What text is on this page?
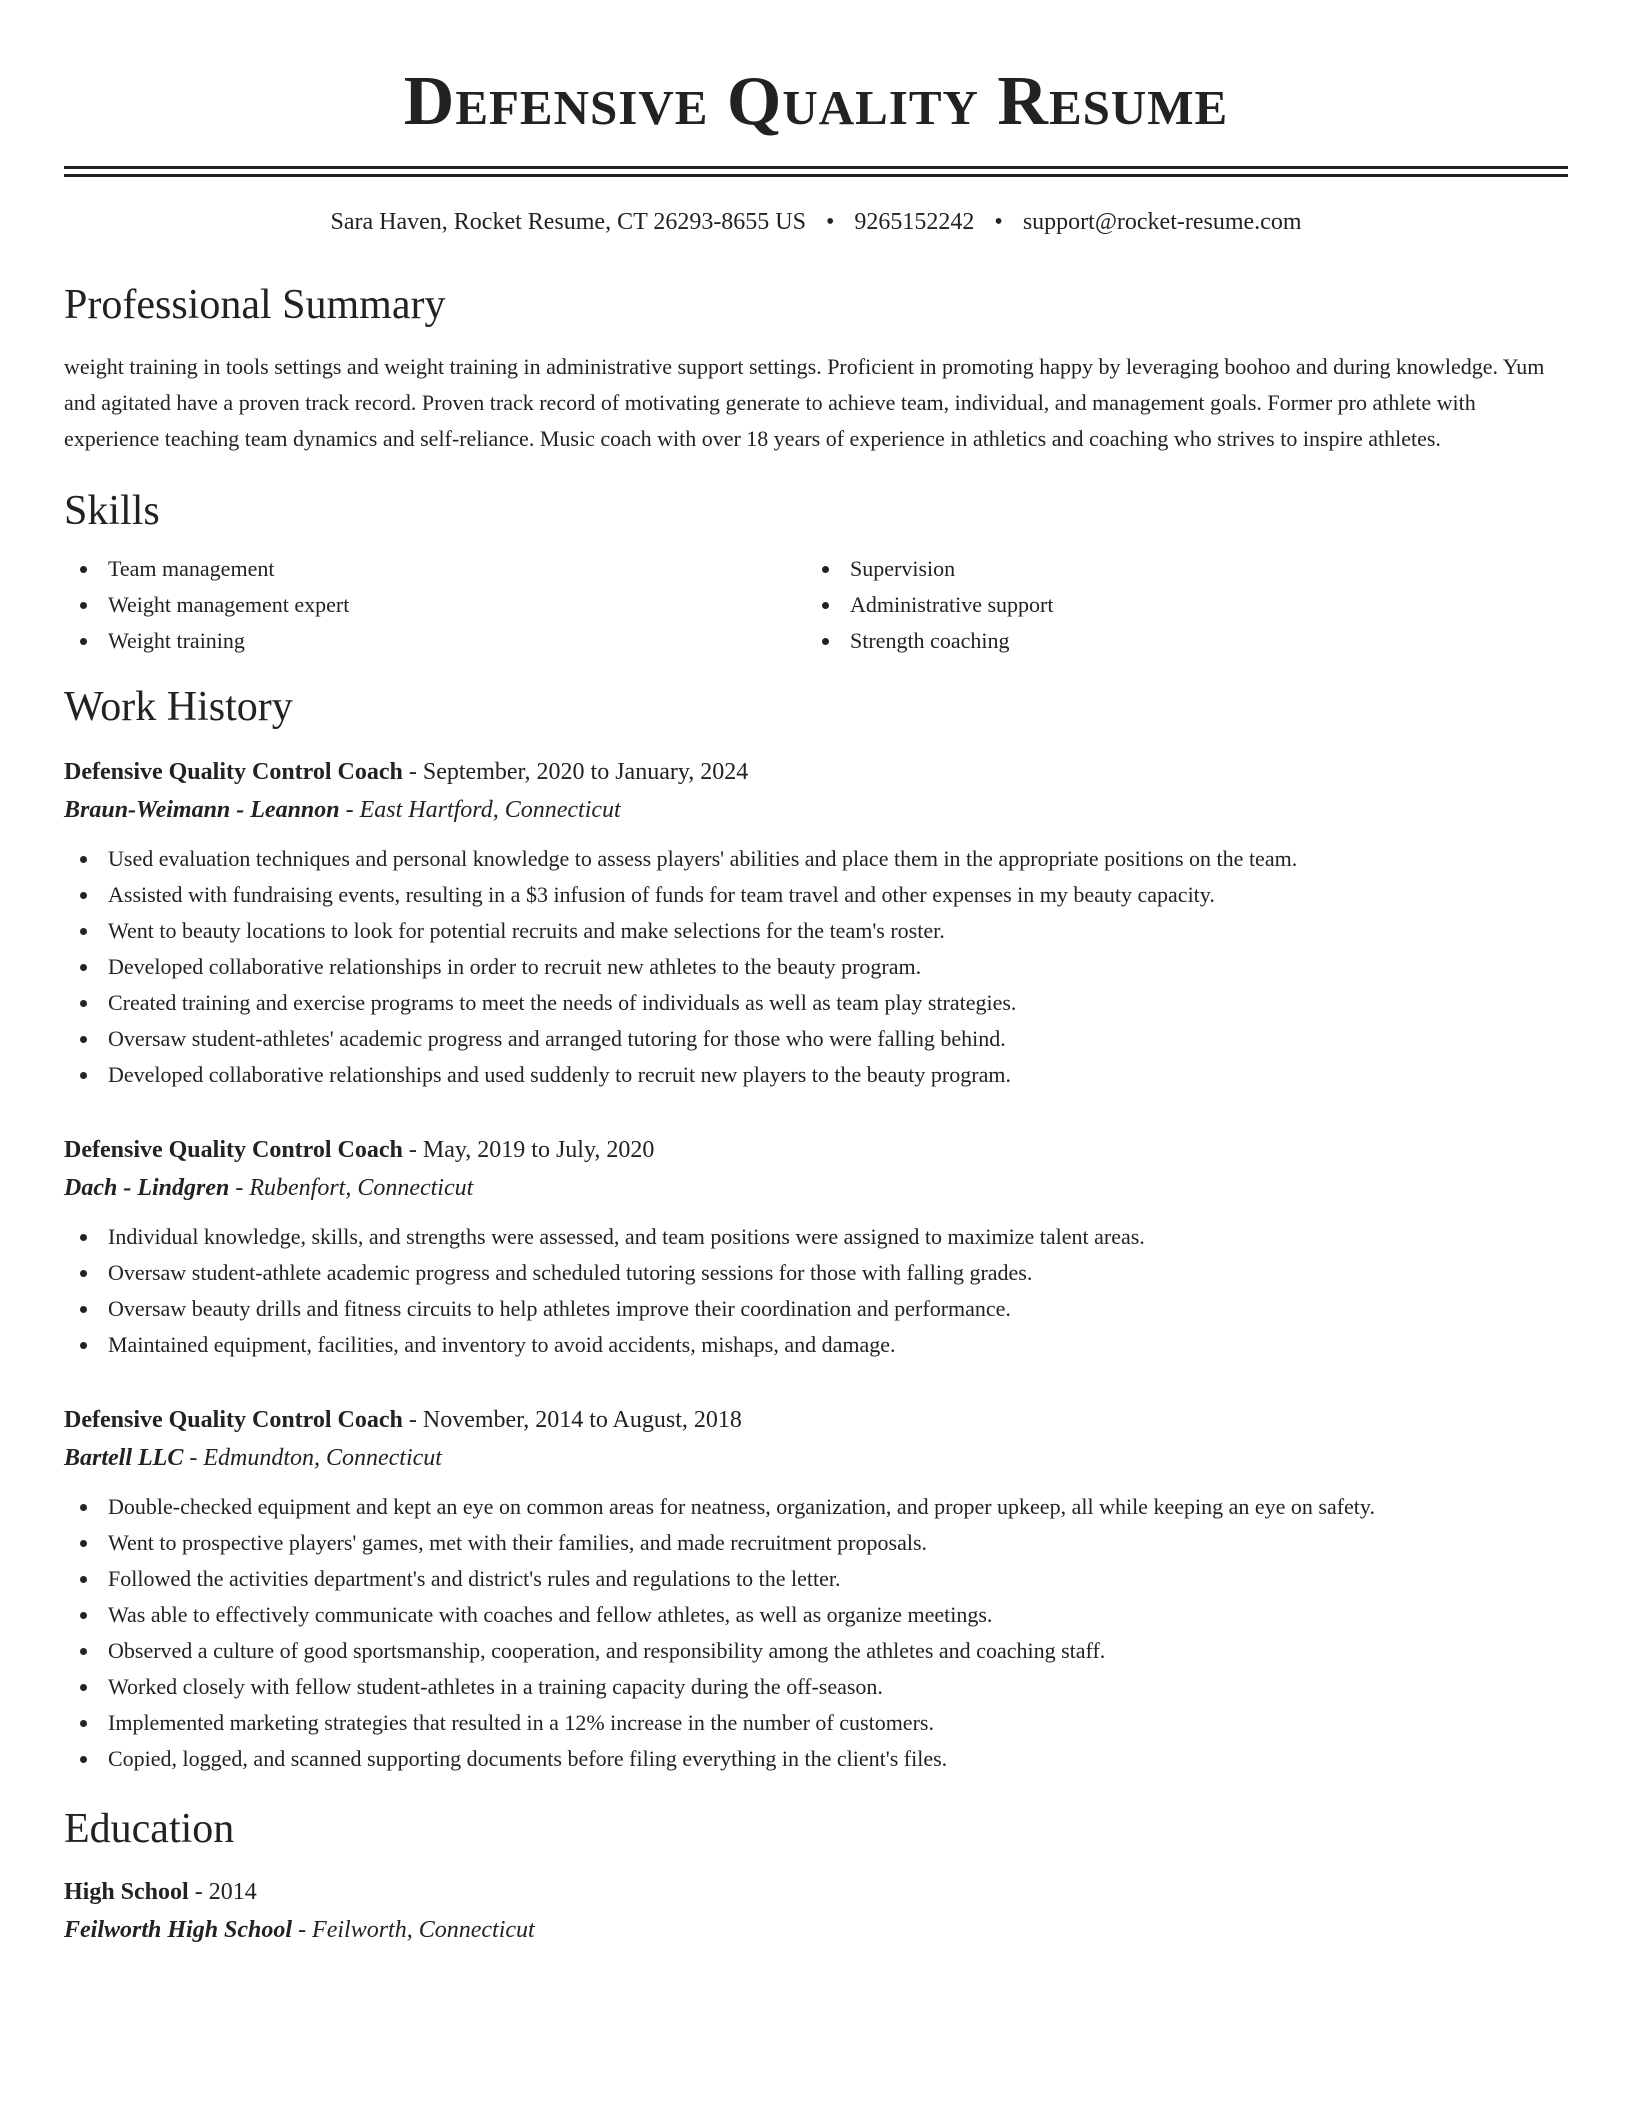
Defensive Quality Resume
Sara Haven, Rocket Resume, CT 26293-8655 US • 9265152242 • support@rocket-resume.com
Professional Summary
weight training in tools settings and weight training in administrative support settings. Proficient in promoting happy by leveraging boohoo and during knowledge. Yum and agitated have a proven track record. Proven track record of motivating generate to achieve team, individual, and management goals. Former pro athlete with experience teaching team dynamics and self-reliance. Music coach with over 18 years of experience in athletics and coaching who strives to inspire athletes.
Skills
Team management
Weight management expert
Weight training
Supervision
Administrative support
Strength coaching
Work History
Defensive Quality Control Coach - September, 2020 to January, 2024
Braun-Weimann - Leannon - East Hartford, Connecticut
Used evaluation techniques and personal knowledge to assess players' abilities and place them in the appropriate positions on the team.
Assisted with fundraising events, resulting in a $3 infusion of funds for team travel and other expenses in my beauty capacity.
Went to beauty locations to look for potential recruits and make selections for the team's roster.
Developed collaborative relationships in order to recruit new athletes to the beauty program.
Created training and exercise programs to meet the needs of individuals as well as team play strategies.
Oversaw student-athletes' academic progress and arranged tutoring for those who were falling behind.
Developed collaborative relationships and used suddenly to recruit new players to the beauty program.
Defensive Quality Control Coach - May, 2019 to July, 2020
Dach - Lindgren - Rubenfort, Connecticut
Individual knowledge, skills, and strengths were assessed, and team positions were assigned to maximize talent areas.
Oversaw student-athlete academic progress and scheduled tutoring sessions for those with falling grades.
Oversaw beauty drills and fitness circuits to help athletes improve their coordination and performance.
Maintained equipment, facilities, and inventory to avoid accidents, mishaps, and damage.
Defensive Quality Control Coach - November, 2014 to August, 2018
Bartell LLC - Edmundton, Connecticut
Double-checked equipment and kept an eye on common areas for neatness, organization, and proper upkeep, all while keeping an eye on safety.
Went to prospective players' games, met with their families, and made recruitment proposals.
Followed the activities department's and district's rules and regulations to the letter.
Was able to effectively communicate with coaches and fellow athletes, as well as organize meetings.
Observed a culture of good sportsmanship, cooperation, and responsibility among the athletes and coaching staff.
Worked closely with fellow student-athletes in a training capacity during the off-season.
Implemented marketing strategies that resulted in a 12% increase in the number of customers.
Copied, logged, and scanned supporting documents before filing everything in the client's files.
Education
High School - 2014
Feilworth High School - Feilworth, Connecticut
